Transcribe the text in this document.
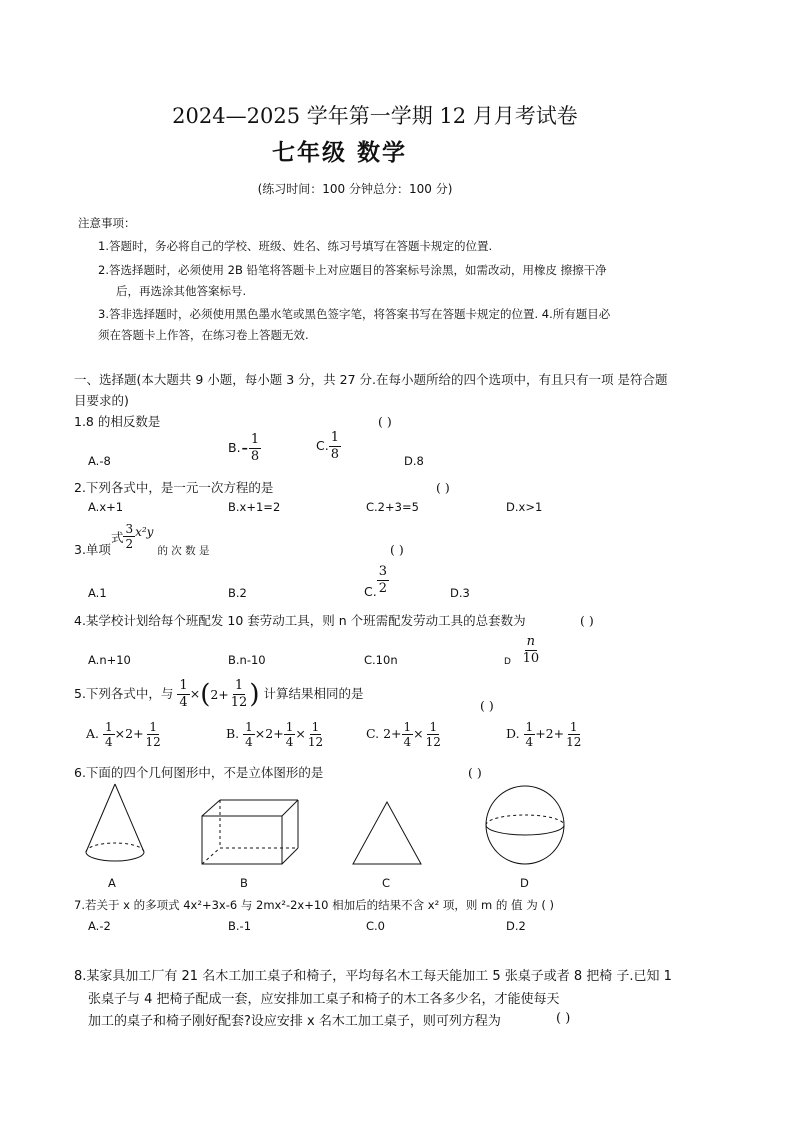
2024—2025 学年第一学期 12 月月考试卷
七年级 数学
(练习时间：100 分钟总分：100 分)
注意事项：
1.答题时，务必将自己的学校、班级、姓名、练习号填写在答题卡规定的位置.
2.答选择题时，必须使用 2B 铅笔将答题卡上对应题目的答案标号涂黑，如需改动，用橡皮 擦擦干净
后，再选涂其他答案标号.
3.答非选择题时，必须使用黑色墨水笔或黑色签字笔，将答案书写在答题卡规定的位置. 4.所有题目必
须在答题卡上作答，在练习卷上答题无效.
一、选择题(本大题共 9 小题，每小题 3 分，共 27 分.在每小题所给的四个选项中，有且只有一项 是符合题
目要求的)
1.8 的相反数是	( )
A.-8
$B.- \frac{1}{8}$	C. $\frac{1}{8}$	D.8
2.下列各式中，是一元一次方程的是	( )
A.x+1	B.x+1=2	C.2+3=5	D.x>1
3.单项式 $\frac{3}{2} x^2y_{的 次 数 是}$	( )
A.1	B.2	C. $\frac{3}{2}$	D.3
4.某学校计划给每个班配发 10 套劳动工具，则 n 个班需配发劳动工具的总套数为	( )
A.n+10	B.n-10	C.10n	$_D \frac{n}{10}$
5.下列各式中，与 $\frac{1}{4} \times(2+ \frac{1}{12}$ ) 计算结果相同的是
( )
A. $\frac{1}{4} \times 2+ \frac{1}{12}$	B. $\frac{1}{4} \times 2+ \frac{1}{4} \times \frac{1}{12}$	C. $2+ \frac{1}{4} \times \frac{1}{12}$	D. $\frac{1}{4} +2+ \frac{1}{12}$
6.下面的四个几何图形中，不是立体图形的是	( )
A	B	C	D
7.若关于 x 的多项式 4x²+3x-6 与 2mx²-2x+10 相加后的结果不含 x² 项，则 m 的 值 为 ( )
A.-2	B.-1	C.0	D.2
8.某家具加工厂有 21 名木工加工桌子和椅子，平均每名木工每天能加工 5 张桌子或者 8 把椅 子.已知 1
张桌子与 4 把椅子配成一套，应安排加工桌子和椅子的木工各多少名，才能使每天
加工的桌子和椅子刚好配套?设应安排 x 名木工加工桌子，则可列方程为	( )
